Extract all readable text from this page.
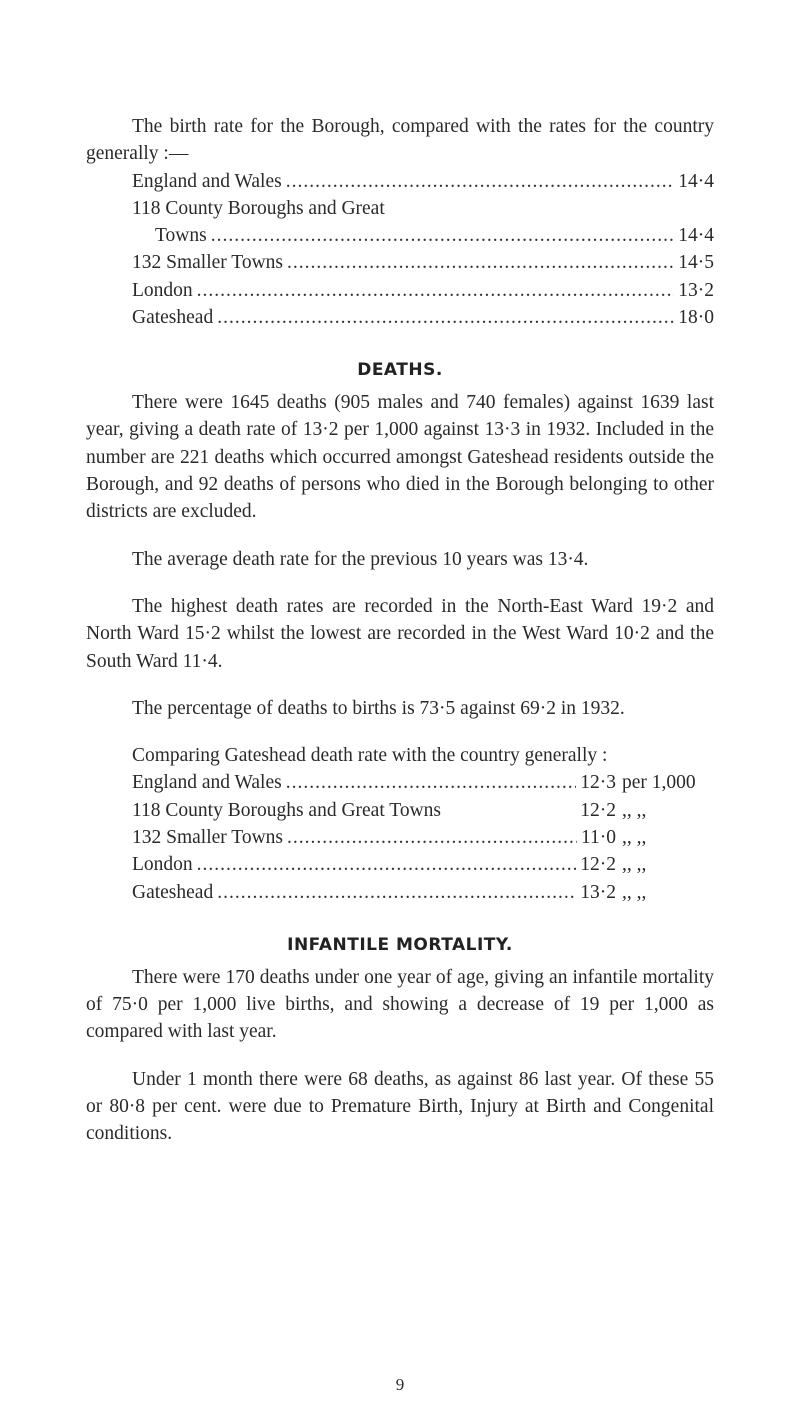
The birth rate for the Borough, compared with the rates for the country generally :—

England and Wales .....	14·4
118 County Boroughs and Great
Towns .....	14·4
132 Smaller Towns .....	14·5
London .....	13·2
Gateshead .....	18·0
DEATHS.

There were 1645 deaths (905 males and 740 females) against 1639 last year, giving a death rate of 13·2 per 1,000 against 13·3 in 1932. Included in the number are 221 deaths which occurred amongst Gateshead residents outside the Borough, and 92 deaths of persons who died in the Borough belonging to other districts are excluded.

The average death rate for the previous 10 years was 13·4.

The highest death rates are recorded in the North-East Ward 19·2 and North Ward 15·2 whilst the lowest are recorded in the West Ward 10·2 and the South Ward 11·4.

The percentage of deaths to births is 73·5 against 69·2 in 1932.

Comparing Gateshead death rate with the country generally :

England and Wales .....	12·3 per 1,000
118 County Boroughs and Great Towns	12·2 ,, ,,
132 Smaller Towns .....	11·0 ,, ,,
London .....	12·2 ,, ,,
Gateshead .....	13·2 ,, ,,
INFANTILE MORTALITY.

There were 170 deaths under one year of age, giving an infantile mortality of 75·0 per 1,000 live births, and showing a decrease of 19 per 1,000 as compared with last year.

Under 1 month there were 68 deaths, as against 86 last year. Of these 55 or 80·8 per cent. were due to Premature Birth, Injury at Birth and Congenital conditions.

9
